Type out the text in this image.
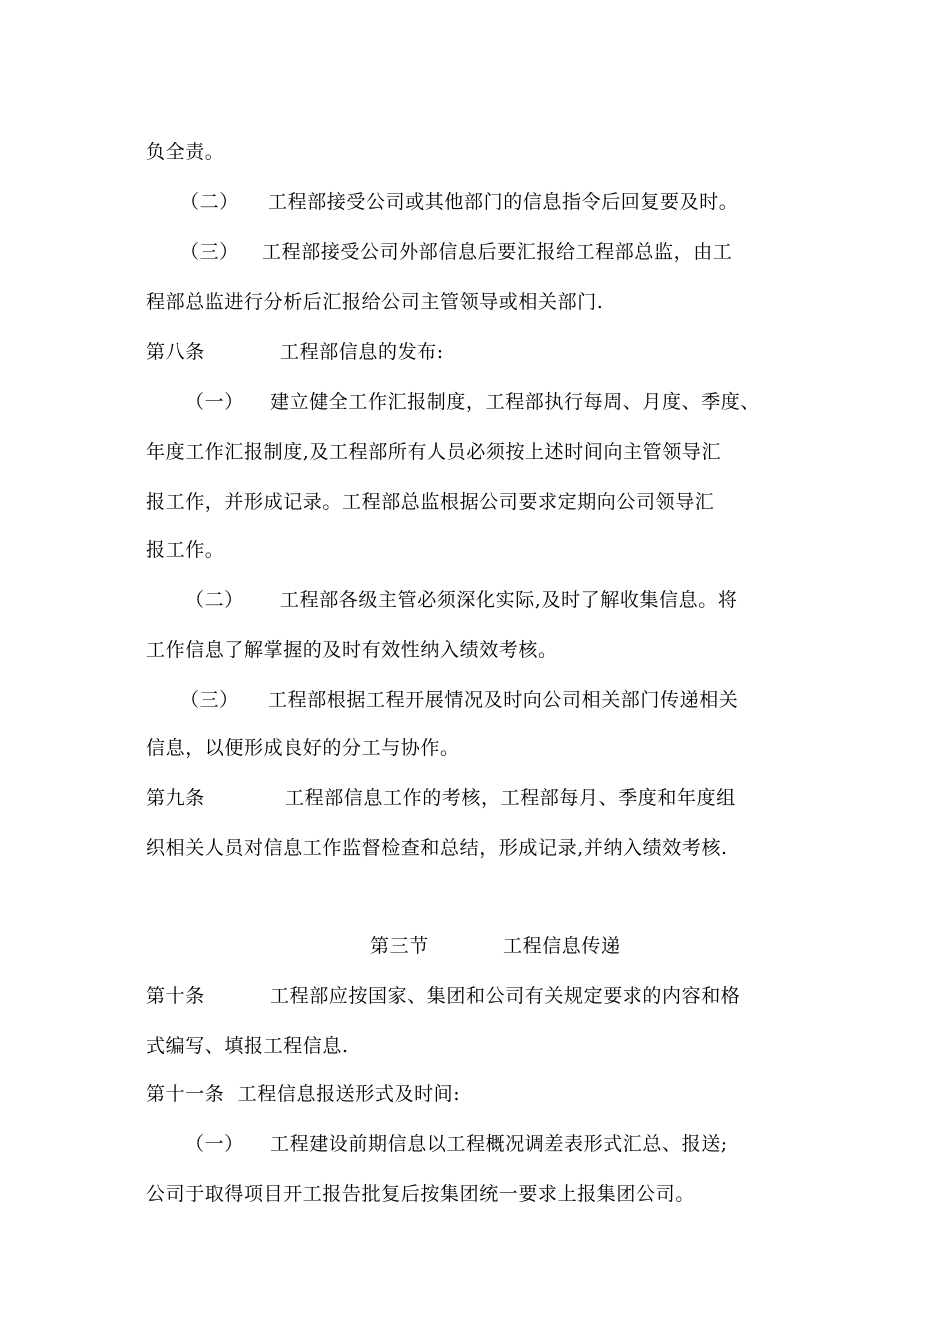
负全责。
（二） 工程部接受公司或其他部门的信息指令后回复要及时。
（三） 工程部接受公司外部信息后要汇报给工程部总监，由工
程部总监进行分析后汇报给公司主管领导或相关部门.
第八条	工程部信息的发布:
（一） 建立健全工作汇报制度，工程部执行每周、月度、季度、
年度工作汇报制度,及工程部所有人员必须按上述时间向主管领导汇
报工作，并形成记录。工程部总监根据公司要求定期向公司领导汇
报工作。
（二） 工程部各级主管必须深化实际,及时了解收集信息。将
工作信息了解掌握的及时有效性纳入绩效考核。
（三） 工程部根据工程开展情况及时向公司相关部门传递相关
信息，以便形成良好的分工与协作。
第九条	工程部信息工作的考核，工程部每月、季度和年度组
织相关人员对信息工作监督检查和总结，形成记录,并纳入绩效考核.
第三节	工程信息传递
第十条	工程部应按国家、集团和公司有关规定要求的内容和格
式编写、填报工程信息.
第十一条  工程信息报送形式及时间:
（一） 工程建设前期信息以工程概况调差表形式汇总、报送;
公司于取得项目开工报告批复后按集团统一要求上报集团公司。
